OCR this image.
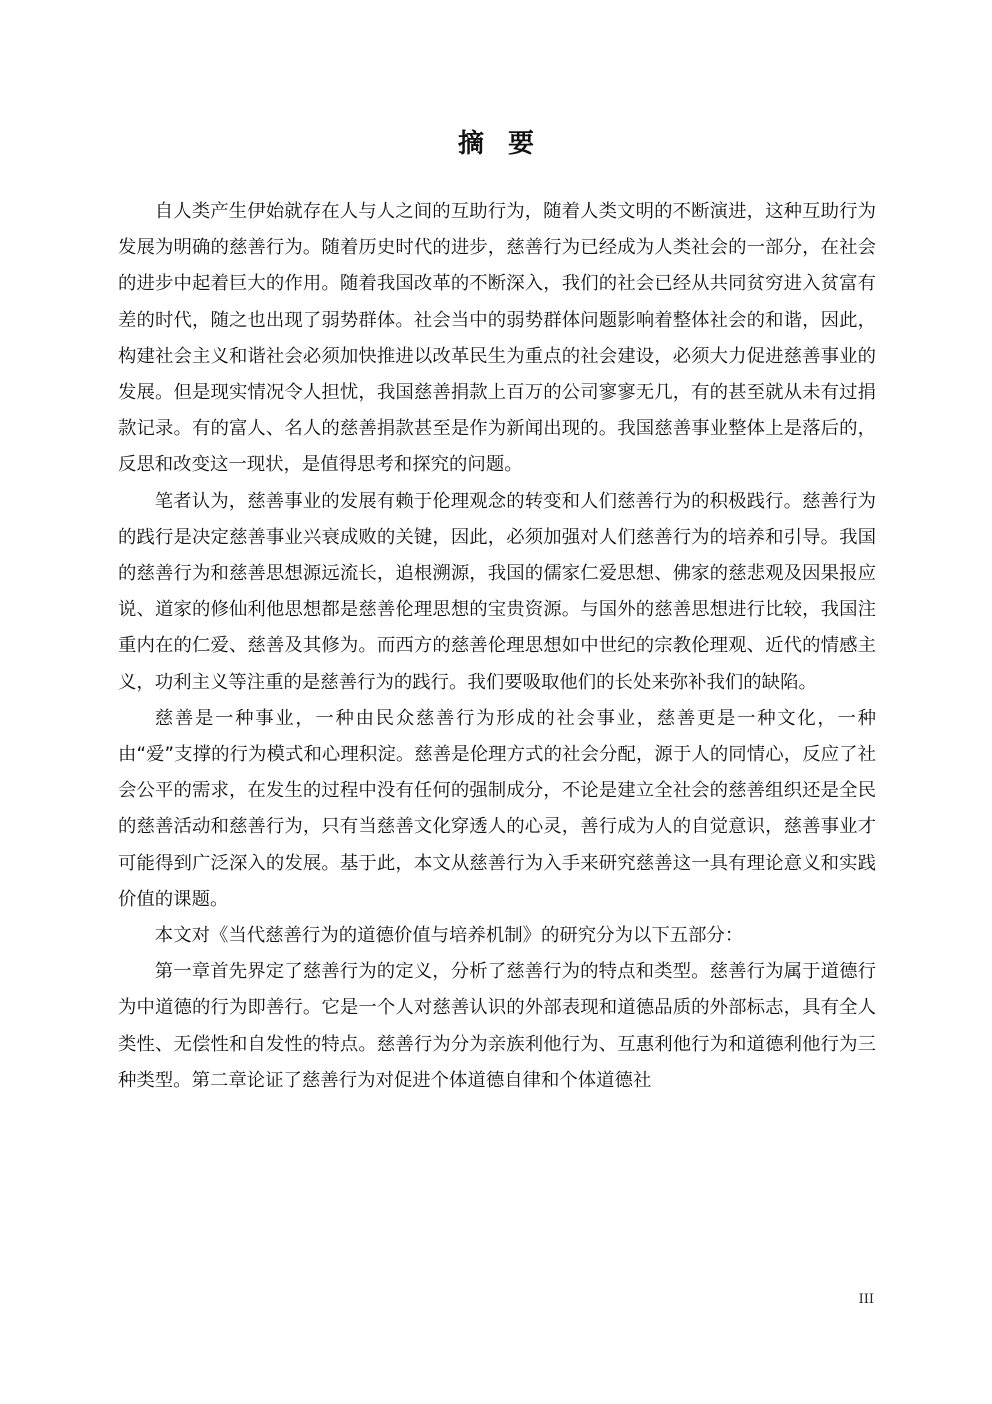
摘要

自人类产生伊始就存在人与人之间的互助行为，随着人类文明的不断演进，这种互助行为发展为明确的慈善行为。随着历史时代的进步，慈善行为已经成为人类社会的一部分，在社会的进步中起着巨大的作用。随着我国改革的不断深入，我们的社会已经从共同贫穷进入贫富有差的时代，随之也出现了弱势群体。社会当中的弱势群体问题影响着整体社会的和谐，因此，构建社会主义和谐社会必须加快推进以改革民生为重点的社会建设，必须大力促进慈善事业的发展。但是现实情况令人担忧，我国慈善捐款上百万的公司寥寥无几，有的甚至就从未有过捐款记录。有的富人、名人的慈善捐款甚至是作为新闻出现的。我国慈善事业整体上是落后的，反思和改变这一现状，是值得思考和探究的问题。

笔者认为，慈善事业的发展有赖于伦理观念的转变和人们慈善行为的积极践行。慈善行为的践行是决定慈善事业兴衰成败的关键，因此，必须加强对人们慈善行为的培养和引导。我国的慈善行为和慈善思想源远流长，追根溯源，我国的儒家仁爱思想、佛家的慈悲观及因果报应说、道家的修仙利他思想都是慈善伦理思想的宝贵资源。与国外的慈善思想进行比较，我国注重内在的仁爱、慈善及其修为。而西方的慈善伦理思想如中世纪的宗教伦理观、近代的情感主义，功利主义等注重的是慈善行为的践行。我们要吸取他们的长处来弥补我们的缺陷。

慈善是一种事业，一种由民众慈善行为形成的社会事业，慈善更是一种文化，一种由“爱”支撑的行为模式和心理积淀。慈善是伦理方式的社会分配，源于人的同情心，反应了社会公平的需求，在发生的过程中没有任何的强制成分，不论是建立全社会的慈善组织还是全民的慈善活动和慈善行为，只有当慈善文化穿透人的心灵，善行成为人的自觉意识，慈善事业才可能得到广泛深入的发展。基于此，本文从慈善行为入手来研究慈善这一具有理论意义和实践价值的课题。

本文对《当代慈善行为的道德价值与培养机制》的研究分为以下五部分：

第一章首先界定了慈善行为的定义，分析了慈善行为的特点和类型。慈善行为属于道德行为中道德的行为即善行。它是一个人对慈善认识的外部表现和道德品质的外部标志，具有全人类性、无偿性和自发性的特点。慈善行为分为亲族利他行为、互惠利他行为和道德利他行为三种类型。第二章论证了慈善行为对促进个体道德自律和个体道德社

III
